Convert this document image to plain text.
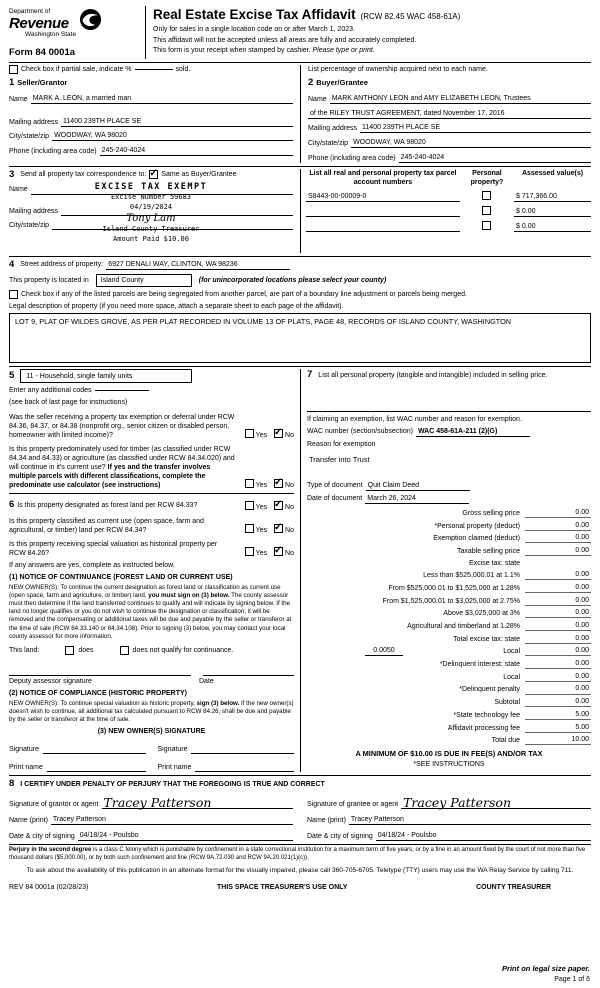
Department of
Revenue
Washington State
Form 84 0001a
Real Estate Excise Tax Affidavit (RCW 82.45 WAC 458-61A)
Only for sales in a single location code on or after March 1, 2023.
This affidavit will not be accepted unless all areas are fully and accurately completed.
This form is your receipt when stamped by cashier. Please type or print.
Check box if partial sale, indicate %	sold.	List percentage of ownership acquired next to each name.
1 Seller/Grantor
Name MARK A. LEON, a married man
Mailing address 11400 239TH PLACE SE
City/state/zip WOODWAY, WA 98020
Phone (including area code) 245-240-4024
2 Buyer/Grantee
Name MARK ANTHONY LEON and AMY ELIZABETH LEON, Trustees
of the RILEY TRUST AGREEMENT, dated November 17, 2016
Mailing address 11400 239TH PLACE SE
City/state/zip WOODWAY, WA 98020
Phone (including area code) 245-240-4024
3 Send all property tax correspondence to: ✓ Same as Buyer/Grantee
Name
Mailing address
City/state/zip
EXCISE TAX EXEMPT
Excise Number 59683
04/19/2024
Tony Lam
Island County Treasurer
Amount Paid $10.00
List all real and personal property tax parcel account numbers
Personal property?
Assessed value(s)
S8443-00-00009-0	$ 717,366.00
$ 0.00
$ 0.00
4 Street address of property: 6927 DENALI WAY, CLINTON, WA 98236
This property is located in	Island County	(for unincorporated locations please select your county)
Check box if any of the listed parcels are being segregated from another parcel, are part of a boundary line adjustment or parcels being merged.
Legal description of property (if you need more space, attach a separate sheet to each page of the affidavit).
LOT 9, PLAT OF WILDES GROVE, AS PER PLAT RECORDED IN VOLUME 13 OF PLATS, PAGE 48, RECORDS OF ISLAND COUNTY, WASHINGTON
5	11 - Household, single family units
Enter any additional codes
(see back of last page for instructions)
Was the seller receiving a property tax exemption or deferral under RCW 84.36, 84.37, or 84.38 (nonprofit org., senior citizen or disabled person, homeowner with limited income)?	Yes ✓	No
Is this property predominately used for timber (as classified under RCW 84.34 and 84.33) or agriculture (as classified under RCW 84.34.020) and will continue in it's current use? If yes and the transfer involves multiple parcels with different classifications, complete the predominate use calculator (see instructions)	Yes ✓	No
6 Is this property designated as forest land per RCW 84.33?	Yes ✓	No
Is this property classified as current use (open space, farm and agricultural, or timber) land per RCW 84.34?	Yes ✓	No
Is this property receiving special valuation as historical property per RCW 84.26?	Yes ✓	No
If any answers are yes, complete as instructed below.
(1) NOTICE OF CONTINUANCE (FOREST LAND OR CURRENT USE)
NEW OWNER(S): To continue the current designation as forest land or classification as current use (open space, farm and agriculture, or timber) land, you must sign on (3) below. The county assessor must then determine if the land transferred continues to qualify and will indicate by signing below. If the land no longer qualifies or you do not wish to continue the designation or classification, it will be removed and the compensating or additional taxes will be due and payable by the seller or transferor at the time of sale (RCW 84.33.140 or 84.34.108). Prior to signing (3) below, you may contact your local county assessor for more information.
This land:	does	does not qualify for continuance.
Deputy assessor signature	Date
(2) NOTICE OF COMPLIANCE (HISTORIC PROPERTY)
NEW OWNER(S): To continue special valuation as historic property, sign (3) below. If the new owner(s) doesn't wish to continue, all additional tax calculated pursuant to RCW 84.26, shall be due and payable by the seller or transferor at the time of sale.
(3) NEW OWNER(S) SIGNATURE
Signature	Signature
Print name	Print name
7 List all personal property (tangible and intangible) included in selling price.
If claiming an exemption, list WAC number and reason for exemption.
WAC number (section/subsection) WAC 458-61A-211 (2)(G)
Reason for exemption
Transfer into Trust
Type of document Quit Claim Deed
Date of document March 26, 2024
Gross selling price	0.00
*Personal property (deduct)	0.00
Exemption claimed (deduct)	0.00
Taxable selling price	0.00
Excise tax: state
Less than $525,000.01 at 1.1%	0.00
From $525,000.01 to $1,525,000 at 1.28%	0.00
From $1,525,000.01 to $3,025,000 at 2.75%	0.00
Above $3,025,000 at 3%	0.00
Agricultural and timberland at 1.28%	0.00
Total excise tax: state	0.00
0.0050	Local	0.00
*Delinquent interest: state	0.00
Local	0.00
*Delinquent penalty	0.00
Subtotal	0.00
*State technology fee	5.00
Affidavit processing fee	5.00
Total due	10.00
A MINIMUM OF $10.00 IS DUE IN FEE(S) AND/OR TAX
*SEE INSTRUCTIONS
8 I CERTIFY UNDER PENALTY OF PERJURY THAT THE FOREGOING IS TRUE AND CORRECT
Signature of grantor or agent Tracey Patterson
Name (print) Tracey Patterson
Date & city of signing 04/18/24 - Poulsbo
Signature of grantee or agent Tracey Patterson
Name (print) Tracey Patterson
Date & city of signing 04/18/24 - Poulsbo
Perjury in the second degree is a class C felony which is punishable by confinement in a state correctional institution for a maximum term of five years, or by a fine in an amount fixed by the court of not more than five thousand dollars ($5,000.00), or by both such confinement and fine (RCW 9A.72.030 and RCW 9A.20.021(1)(c)).
To ask about the availability of this publication in an alternate format for the visually impaired, please call 360-705-6705. Teletype (TTY) users may use the WA Relay Service by calling 711.
REV 84 0001a (02/28/23)	THIS SPACE TREASURER'S USE ONLY	COUNTY TREASURER
Print on legal size paper.
Page 1 of 6
